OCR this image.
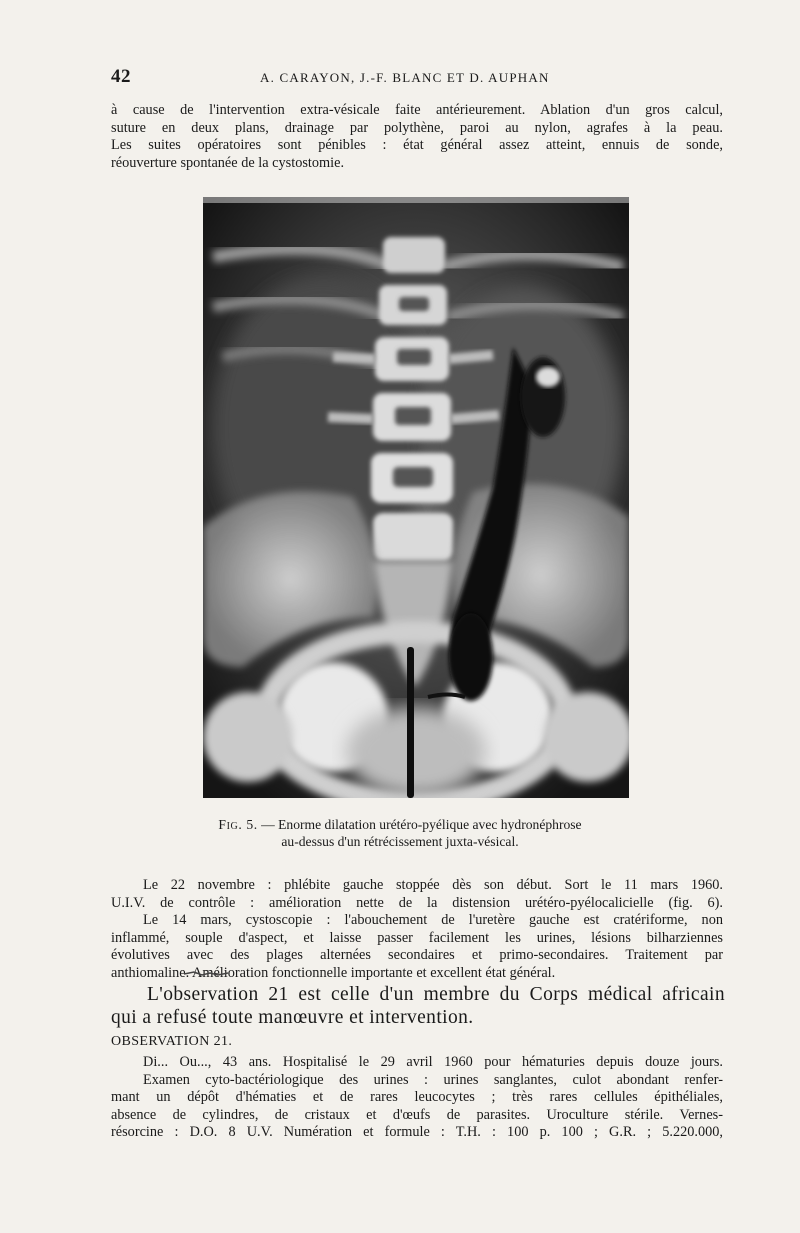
42	A. CARAYON, J.-F. BLANC ET D. AUPHAN
à cause de l'intervention extra-vésicale faite antérieurement. Ablation d'un gros calcul,
suture en deux plans, drainage par polythène, paroi au nylon, agrafes à la peau.
Les suites opératoires sont pénibles : état général assez atteint, ennuis de sonde,
réouverture spontanée de la cystostomie.
Fig. 5. — Enorme dilatation urétéro-pyélique avec hydronéphrose
au-dessus d'un rétrécissement juxta-vésical.
Le 22 novembre : phlébite gauche stoppée dès son début. Sort le 11 mars 1960.
U.I.V. de contrôle : amélioration nette de la distension urétéro-pyélocalicielle (fig. 6).
Le 14 mars, cystoscopie : l'abouchement de l'uretère gauche est cratériforme, non
inflammé, souple d'aspect, et laisse passer facilement les urines, lésions bilharziennes
évolutives avec des plages alternées secondaires et primo-secondaires. Traitement par
anthiomaline. Amélioration fonctionnelle importante et excellent état général.
L'observation 21 est celle d'un membre du Corps médical africain
qui a refusé toute manœuvre et intervention.
OBSERVATION 21.
Di... Ou..., 43 ans. Hospitalisé le 29 avril 1960 pour hématuries depuis douze jours.
Examen cyto-bactériologique des urines : urines sanglantes, culot abondant renfer-
mant un dépôt d'hématies et de rares leucocytes ; très rares cellules épithéliales,
absence de cylindres, de cristaux et d'œufs de parasites. Uroculture stérile. Vernes-
résorcine : D.O. 8 U.V. Numération et formule : T.H. : 100 p. 100 ; G.R. ; 5.220.000,
